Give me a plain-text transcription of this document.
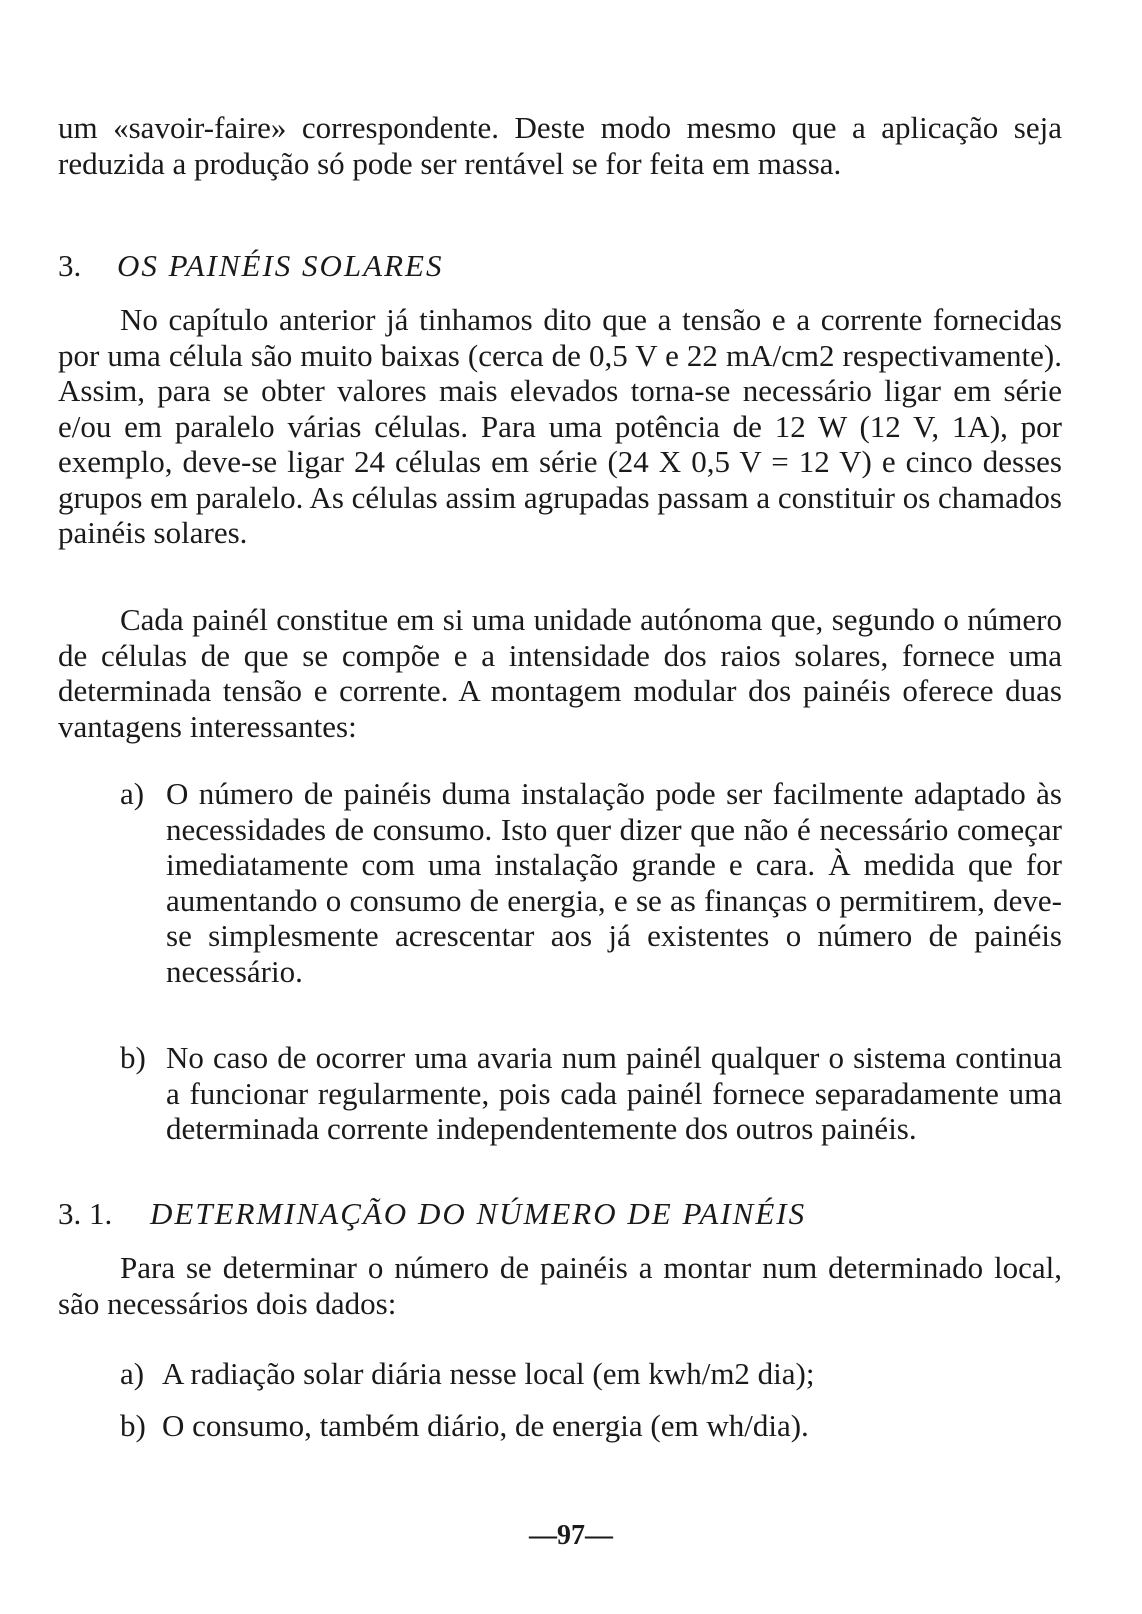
um «savoir-faire» correspondente. Deste modo mesmo que a aplicação seja reduzida a produção só pode ser rentável se for feita em massa.

3. OS PAINÉIS SOLARES

No capítulo anterior já tinhamos dito que a tensão e a corrente fornecidas por uma célula são muito baixas (cerca de 0,5 V e 22 mA/cm2 respectivamente). Assim, para se obter valores mais elevados torna-se necessário ligar em série e/ou em paralelo várias células. Para uma potência de 12 W (12 V, 1A), por exemplo, deve-se ligar 24 células em série (24 X 0,5 V = 12 V) e cinco desses grupos em paralelo. As células assim agrupadas passam a constituir os chamados painéis solares.

Cada painél constitue em si uma unidade autónoma que, segundo o número de células de que se compõe e a intensidade dos raios solares, fornece uma determinada tensão e corrente. A montagem modular dos painéis oferece duas vantagens interessantes:

a) O número de painéis duma instalação pode ser facilmente adaptado às necessidades de consumo. Isto quer dizer que não é necessário começar imediatamente com uma instalação grande e cara. À medida que for aumentando o consumo de energia, e se as finanças o permitirem, deve-se simplesmente acrescentar aos já existentes o número de painéis necessário.
b) No caso de ocorrer uma avaria num painél qualquer o sistema continua a funcionar regularmente, pois cada painél fornece separadamente uma determinada corrente independentemente dos outros painéis.
3. 1. DETERMINAÇÃO DO NÚMERO DE PAINÉIS

Para se determinar o número de painéis a montar num determinado local, são necessários dois dados:

a) A radiação solar diária nesse local (em kwh/m2 dia);
b) O consumo, também diário, de energia (em wh/dia).
—97—
